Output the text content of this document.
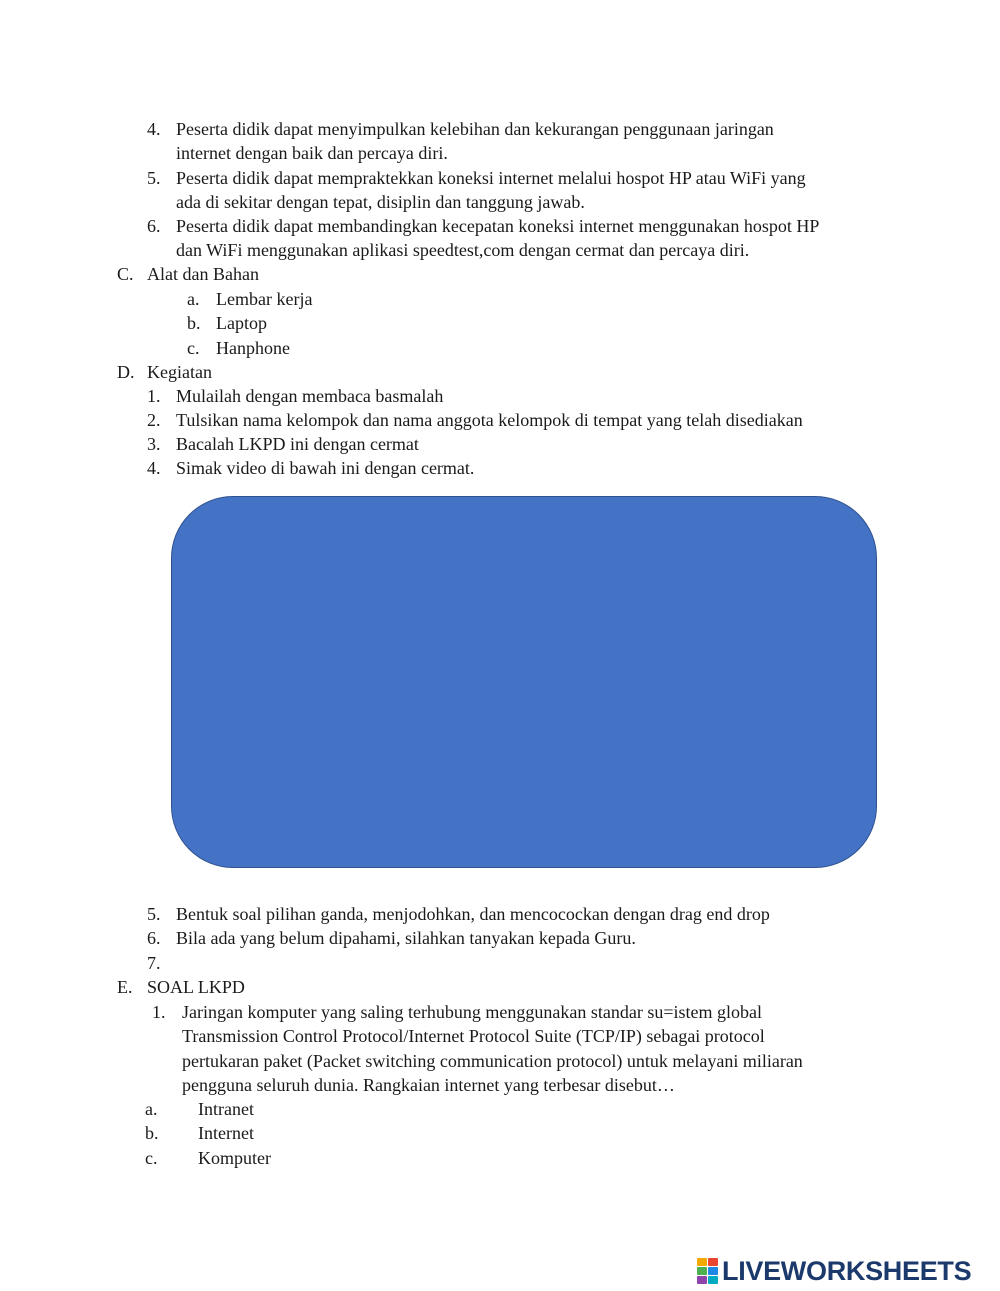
4. Peserta didik dapat menyimpulkan kelebihan dan kekurangan penggunaan jaringan
internet dengan baik dan percaya diri.
5. Peserta didik dapat mempraktekkan koneksi internet melalui hospot HP atau WiFi yang
ada di sekitar dengan tepat, disiplin dan tanggung jawab.
6. Peserta didik dapat membandingkan kecepatan koneksi internet menggunakan hospot HP
dan WiFi menggunakan aplikasi speedtest,com dengan cermat dan percaya diri.
C. Alat dan Bahan
a. Lembar kerja
b. Laptop
c. Hanphone
D. Kegiatan
1. Mulailah dengan membaca basmalah
2. Tulsikan nama kelompok dan nama anggota kelompok di tempat yang telah disediakan
3. Bacalah LKPD ini dengan cermat
4. Simak video di bawah ini dengan cermat.
5. Bentuk soal pilihan ganda, menjodohkan, dan mencocockan dengan drag end drop
6. Bila ada yang belum dipahami, silahkan tanyakan kepada Guru.
7.
E. SOAL LKPD
1. Jaringan komputer yang saling terhubung menggunakan standar su=istem global
Transmission Control Protocol/Internet Protocol Suite (TCP/IP) sebagai protocol
pertukaran paket (Packet switching communication protocol) untuk melayani miliaran
pengguna seluruh dunia. Rangkaian internet yang terbesar disebut…
a. Intranet
b. Internet
c. Komputer
LIVEWORKSHEETS
